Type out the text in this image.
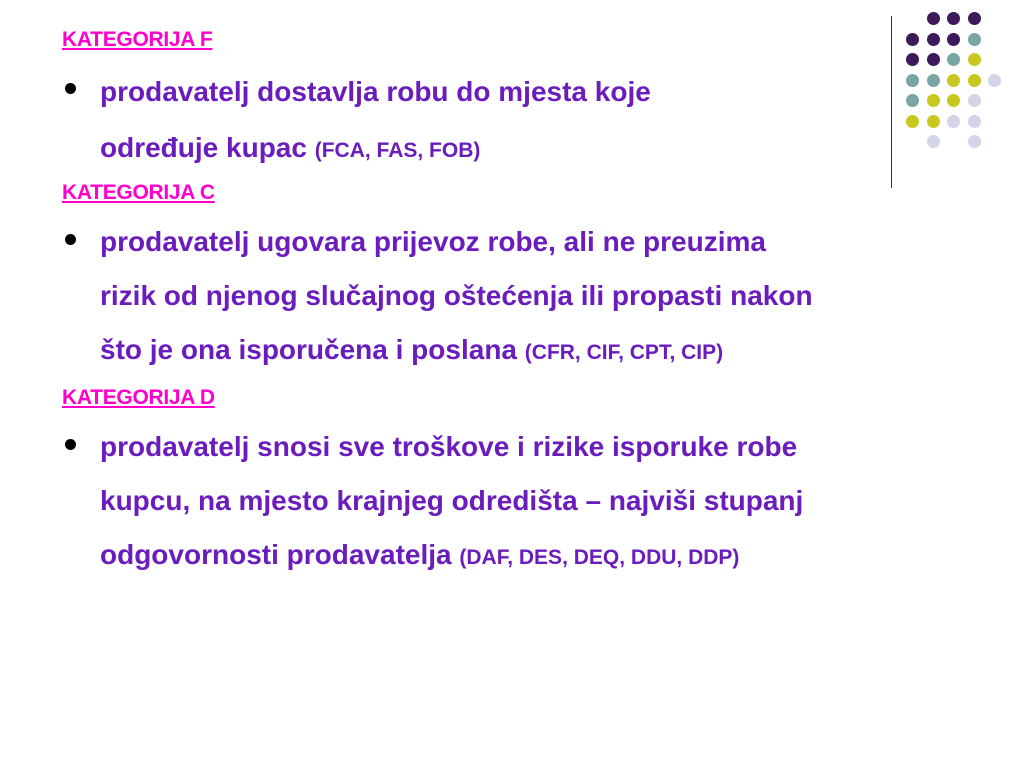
KATEGORIJA F
prodavatelj dostavlja robu do mjesta koje
određuje kupac (FCA, FAS, FOB)
KATEGORIJA C
prodavatelj ugovara prijevoz robe, ali ne preuzima
rizik od njenog slučajnog oštećenja ili propasti nakon
što je ona isporučena i poslana (CFR, CIF, CPT, CIP)
KATEGORIJA D
prodavatelj snosi sve troškove i rizike isporuke robe
kupcu, na mjesto krajnjeg odredišta – najviši stupanj
odgovornosti prodavatelja (DAF, DES, DEQ, DDU, DDP)
